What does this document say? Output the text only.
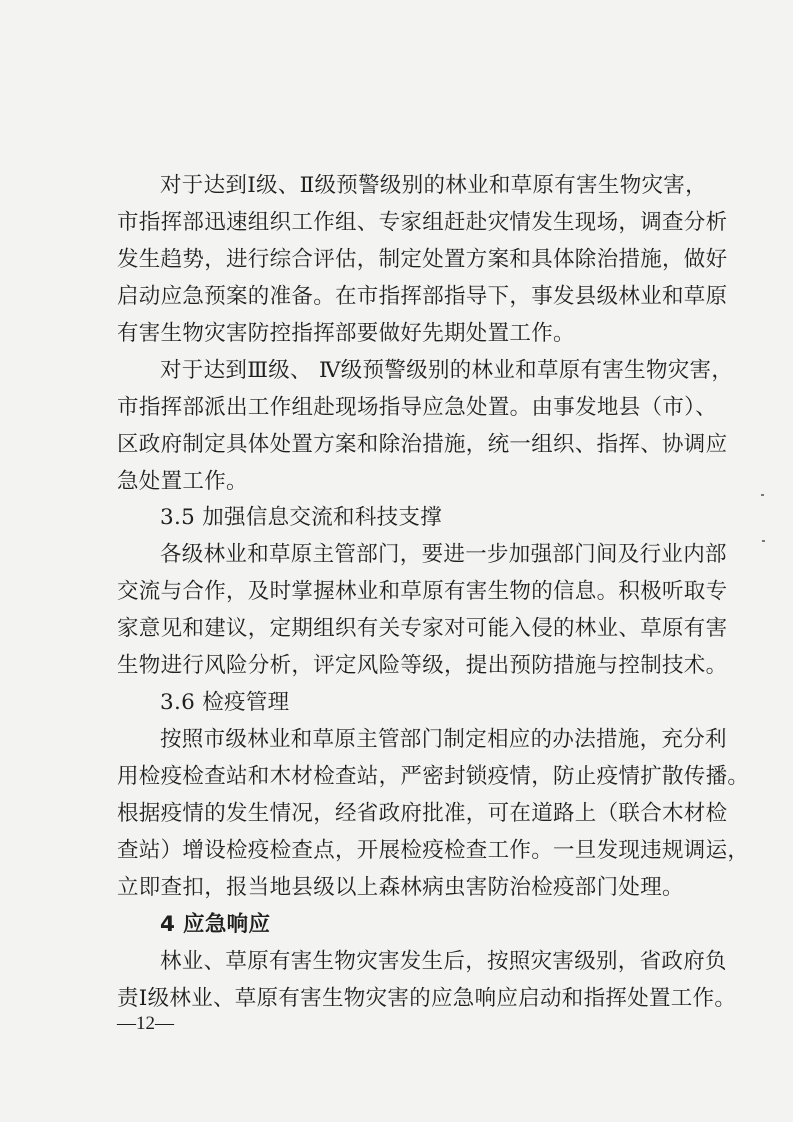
对于达到Ⅰ级、Ⅱ级预警级别的林业和草原有害生物灾害，
市指挥部迅速组织工作组、专家组赶赴灾情发生现场，调查分析
发生趋势，进行综合评估，制定处置方案和具体除治措施，做好
启动应急预案的准备。在市指挥部指导下，事发县级林业和草原
有害生物灾害防控指挥部要做好先期处置工作。
对于达到Ⅲ级、 Ⅳ级预警级别的林业和草原有害生物灾害，
市指挥部派出工作组赴现场指导应急处置。由事发地县（市）、
区政府制定具体处置方案和除治措施，统一组织、指挥、协调应
急处置工作。
3.5 加强信息交流和科技支撑
各级林业和草原主管部门，要进一步加强部门间及行业内部
交流与合作，及时掌握林业和草原有害生物的信息。积极听取专
家意见和建议，定期组织有关专家对可能入侵的林业、草原有害
生物进行风险分析，评定风险等级，提出预防措施与控制技术。
3.6 检疫管理
按照市级林业和草原主管部门制定相应的办法措施，充分利
用检疫检查站和木材检查站，严密封锁疫情，防止疫情扩散传播。
根据疫情的发生情况，经省政府批准，可在道路上（联合木材检
查站）增设检疫检查点，开展检疫检查工作。一旦发现违规调运，
立即查扣，报当地县级以上森林病虫害防治检疫部门处理。
4 应急响应
林业、草原有害生物灾害发生后，按照灾害级别，省政府负
责Ⅰ级林业、草原有害生物灾害的应急响应启动和指挥处置工作。
—12—
